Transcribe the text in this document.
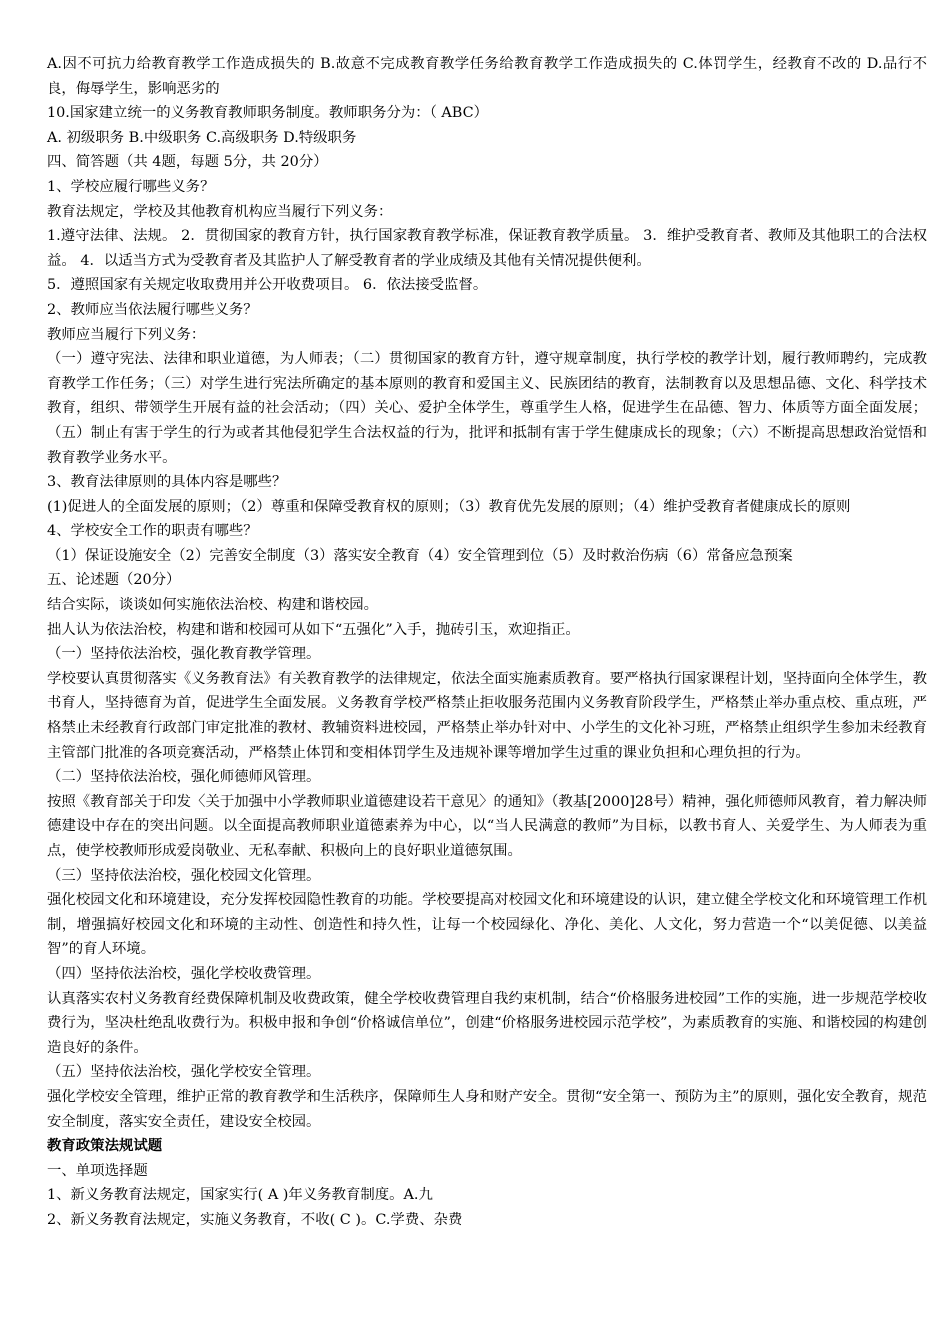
A.因不可抗力给教育教学工作造成损失的 B.故意不完成教育教学任务给教育教学工作造成损失的 C.体罚学生，经教育不改的 D.品行不良，侮辱学生，影响恶劣的

10.国家建立统一的义务教育教师职务制度。教师职务分为：（ ABC）

A. 初级职务 B.中级职务 C.高级职务 D.特级职务

四、简答题（共 4题，每题 5分，共 20分）

1、学校应履行哪些义务？

教育法规定，学校及其他教育机构应当履行下列义务：

1.遵守法律、法规。 2．贯彻国家的教育方针，执行国家教育教学标准，保证教育教学质量。 3．维护受教育者、教师及其他职工的合法权益。 4．以适当方式为受教育者及其监护人了解受教育者的学业成绩及其他有关情况提供便利。

5．遵照国家有关规定收取费用并公开收费项目。 6．依法接受监督。

2、教师应当依法履行哪些义务？

教师应当履行下列义务：

（一）遵守宪法、法律和职业道德，为人师表；（二）贯彻国家的教育方针，遵守规章制度，执行学校的教学计划，履行教师聘约，完成教育教学工作任务；（三）对学生进行宪法所确定的基本原则的教育和爱国主义、民族团结的教育，法制教育以及思想品德、文化、科学技术教育，组织、带领学生开展有益的社会活动；（四）关心、爱护全体学生，尊重学生人格，促进学生在品德、智力、体质等方面全面发展；（五）制止有害于学生的行为或者其他侵犯学生合法权益的行为，批评和抵制有害于学生健康成长的现象；（六）不断提高思想政治觉悟和教育教学业务水平。

3、教育法律原则的具体内容是哪些？

(1)促进人的全面发展的原则；（2）尊重和保障受教育权的原则；（3）教育优先发展的原则；（4）维护受教育者健康成长的原则

4、学校安全工作的职责有哪些？

（1）保证设施安全（2）完善安全制度（3）落实安全教育（4）安全管理到位（5）及时救治伤病（6）常备应急预案

五、论述题（20分）

结合实际，谈谈如何实施依法治校、构建和谐校园。

拙人认为依法治校，构建和谐和校园可从如下“五强化”入手，抛砖引玉，欢迎指正。

（一）坚持依法治校，强化教育教学管理。

学校要认真贯彻落实《义务教育法》有关教育教学的法律规定，依法全面实施素质教育。要严格执行国家课程计划，坚持面向全体学生，教书育人，坚持德育为首，促进学生全面发展。义务教育学校严格禁止拒收服务范围内义务教育阶段学生，严格禁止举办重点校、重点班，严格禁止未经教育行政部门审定批准的教材、教辅资料进校园，严格禁止举办针对中、小学生的文化补习班，严格禁止组织学生参加未经教育主管部门批准的各项竞赛活动，严格禁止体罚和变相体罚学生及违规补课等增加学生过重的课业负担和心理负担的行为。

（二）坚持依法治校，强化师德师风管理。

按照《教育部关于印发〈关于加强中小学教师职业道德建设若干意见〉的通知》（教基[2000]28号）精神，强化师德师风教育，着力解决师德建设中存在的突出问题。以全面提高教师职业道德素养为中心，以“当人民满意的教师”为目标，以教书育人、关爱学生、为人师表为重点，使学校教师形成爱岗敬业、无私奉献、积极向上的良好职业道德氛围。

（三）坚持依法治校，强化校园文化管理。

强化校园文化和环境建设，充分发挥校园隐性教育的功能。学校要提高对校园文化和环境建设的认识，建立健全学校文化和环境管理工作机制，增强搞好校园文化和环境的主动性、创造性和持久性，让每一个校园绿化、净化、美化、人文化，努力营造一个“以美促德、以美益智”的育人环境。

（四）坚持依法治校，强化学校收费管理。

认真落实农村义务教育经费保障机制及收费政策，健全学校收费管理自我约束机制，结合“价格服务进校园”工作的实施，进一步规范学校收费行为，坚决杜绝乱收费行为。积极申报和争创“价格诚信单位”，创建“价格服务进校园示范学校”，为素质教育的实施、和谐校园的构建创造良好的条件。

（五）坚持依法治校，强化学校安全管理。

强化学校安全管理，维护正常的教育教学和生活秩序，保障师生人身和财产安全。贯彻“安全第一、预防为主”的原则，强化安全教育，规范安全制度，落实安全责任，建设安全校园。

教育政策法规试题

一、单项选择题

1、新义务教育法规定，国家实行( A )年义务教育制度。A.九

2、新义务教育法规定，实施义务教育，不收( C )。C.学费、杂费
